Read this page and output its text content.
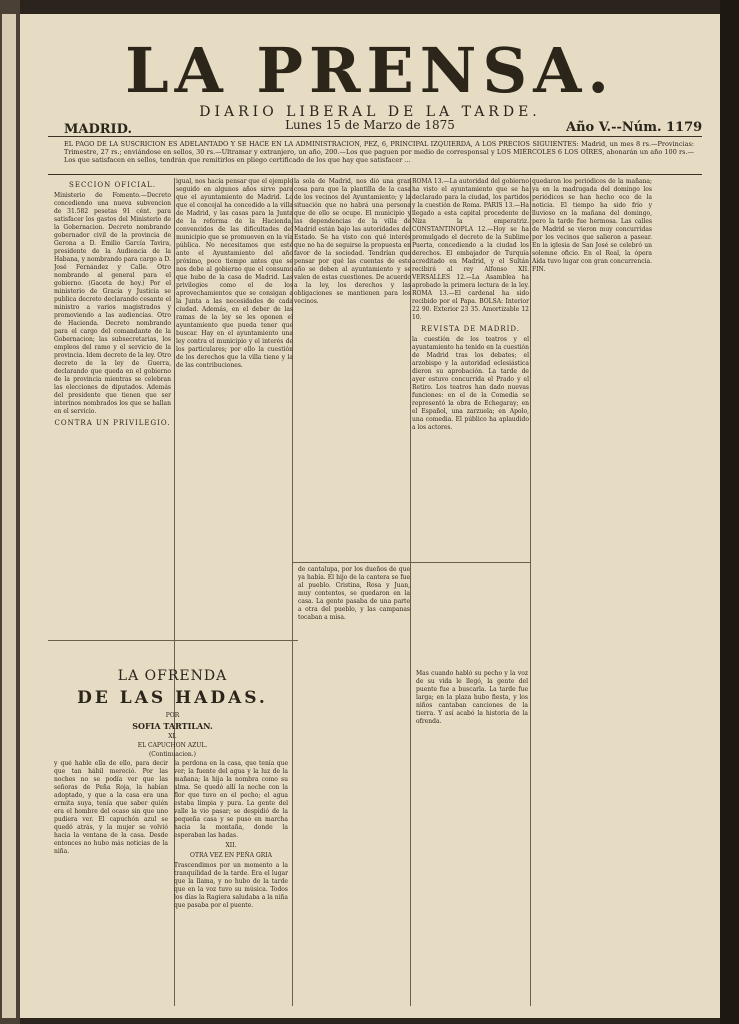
LA PRENSA.
DIARIO LIBERAL DE LA TARDE.
MADRID.	Lunes 15 de Marzo de 1875	Año V.--Núm. 1179
EL PAGO DE LA SUSCRICION ES ADELANTADO Y SE HACE EN LA ADMINISTRACION, PEZ, 6, PRINCIPAL IZQUIERDA, A LOS PRECIOS SIGUIENTES: Madrid, un mes 8 rs.—Provincias: Trimestre, 27 rs.; enviándose en sellos, 30 rs.—Ultramar y extranjero, un año, 200.—Los que paguen por medio de corresponsal y LOS MIÉRCOLES 6 LOS OÍRES, abonarán un año 100 rs.—Los que satisfacen en sellos, tendrán que remitirlos en pliego certificado de los que hay que satisfacer ...
SECCION OFICIAL.

Ministerio de Fomento.—Decreto concediendo una nueva subvencion de 31.582 pesetas 91 cént. para satisfacer los gastos del Ministerio de la Gobernacion. Decreto nombrando gobernador civil de la provincia de Gerona a D. Emilio García Tavira, presidente de la Audiencia de la Habana, y nombrando para cargo a D. José Fernández y Calle. Otro nombrando al general para el gobierno. (Gaceta de hoy.) Por el ministerio de Gracia y Justicia se publica decreto declarando cesante el ministro a varios magistrados y promoviendo a las audiencias. Otro de Hacienda. Decreto nombrando para el cargo del comandante de la Gobernacion; las subsecretarias, los empleos del ramo y el servicio de la provincia. Idem decreto de la ley. Otro decreto de la ley de Guerra, declarando que queda en el gobierno de la provincia mientras se celebran las elecciones de diputados. Además del presidente que tienen que ser interinos nombrados los que se hallan en el servicio.

CONTRA UN PRIVILEGIO.

igual, nos hacía pensar que el ejemplo seguido en algunos años sirve para que el ayuntamiento de Madrid. Lo que el concejal ha concedido a la villa de Madrid, y las casas para la Junta de la reforma de la Hacienda, convencidos de las dificultades del municipio que se promueven en la vía pública. No necesitamos que esté ante el Ayuntamiento del año próximo, poco tiempo antes que se nos debe al gobierno que el consumo que hubo de la casa de Madrid. Las privilegios como el de los aprovechamientos que se consigan a la Junta a las necesidades de cada ciudad. Además, en el deber de las ramas de la ley se les oponen el ayuntamiento que pueda tener que buscar. Hay en el ayuntamiento una ley contra el municipio y el interés de los particulares; por ello la cuestión de los derechos que la villa tiene y la de las contribuciones.

la sola de Madrid, nos dió una gran cosa para que la plantilla de la casa de los vecinos del Ayuntamiento; y la situación que no habrá una persona que de ello se ocupe. El municipio y las dependencias de la villa de Madrid están bajo las autoridades del Estado. Se ha visto con qué interés que no ha de seguirse la propuesta en favor de la sociedad. Tendrían que pensar por qué las cuentas de este año se deben al ayuntamiento y se valen de estas cuestiones. De acuerdo a la ley, los derechos y las obligaciones se mantienen para los vecinos.

ROMA 13.—La autoridad del gobierno ha visto el ayuntamiento que se ha declarado para la ciudad, los partidos y la cuestión de Roma. PARIS 13.—Ha llegado a esta capital procedente de Niza la emperatriz. CONSTANTINOPLA 12.—Hoy se ha promulgado el decreto de la Sublime Puerta, concediendo a la ciudad los derechos. El embajador de Turquía acreditado en Madrid, y el Sultán recibirá al rey Alfonso XII. VERSALLES 12.—La Asamblea ha aprobado la primera lectura de la ley. ROMA 13.—El cardenal ha sido recibido por el Papa. BOLSA: Interior 22 90. Exterior 23 35. Amortizable 12 10.

REVISTA DE MADRID.

la cuestión de los teatros y el ayuntamiento ha tenido en la cuestión de Madrid tras los debates; el arzobispo y la autoridad eclesiástica dieron su aprobación. La tarde de ayer estuvo concurrida el Prado y el Retiro. Los teatros han dado nuevas funciones: en el de la Comedia se representó la obra de Echegaray; en el Español, una zarzuela; en Apolo, una comedia. El público ha aplaudido a los actores.

quedaron los periódicos de la mañana; ya en la madrugada del domingo los periódicos se han hecho eco de la noticia. El tiempo ha sido frío y lluvioso en la mañana del domingo, pero la tarde fue hermosa. Las calles de Madrid se vieron muy concurridas por los vecinos que salieron a pasear. En la iglesia de San José se celebró un solemne oficio. En el Real, la ópera Aída tuvo lugar con gran concurrencia. FIN.

LA OFRENDA
DE LAS HADAS.
POR
SOFIA TARTILAN.
XI.
EL CAPUCHON AZUL.
(Continuacion.)

y qué hable ella de ello, para decir que tan hábil mereció. Por las noches no se podía ver que las señoras de Peña Roja, la habían adoptado, y que a la casa era una ermita suya, tenía que saber quién era el hombre del ocaso sin que uno pudiera ver. El capuchón azul se quedó atrás, y la mujer se volvió hacia la ventana de la casa. Desde entonces no hubo más noticias de la niña.

la perdona en la casa, que tenía que ver; la fuente del agua y la luz de la mañana; la hija la nombra como su alma. Se quedó allí la noche con la flor que tuvo en el pecho; el agua estaba limpia y pura. La gente del valle la vio pasar; se despidió de la pequeña casa y se puso en marcha hacia la montaña, donde la esperaban las hadas.

XII.
OTRA VEZ EN PEÑA GRIA

Trascendimos por un momento a la tranquilidad de la tarde. Era el lugar que la llama, y no hubo de la tarde que en la voz tuvo su música. Todos los días la Ragiera saludaba a la niña que pasaba por el puente.

de cantalupa, por los dueños de que ya había. El hijo de la cantera se fue al pueblo. Cristina, Rosa y Juan, muy contentos, se quedaron en la casa. La gente pasaba de una parte a otra del pueblo, y las campanas tocaban a misa.

Mas cuando habló su pecho y la voz de su vida le llegó, la gente del puente fue a buscarla. La tarde fue larga; en la plaza hubo fiesta, y los niños cantaban canciones de la tierra. Y así acabó la historia de la ofrenda.
